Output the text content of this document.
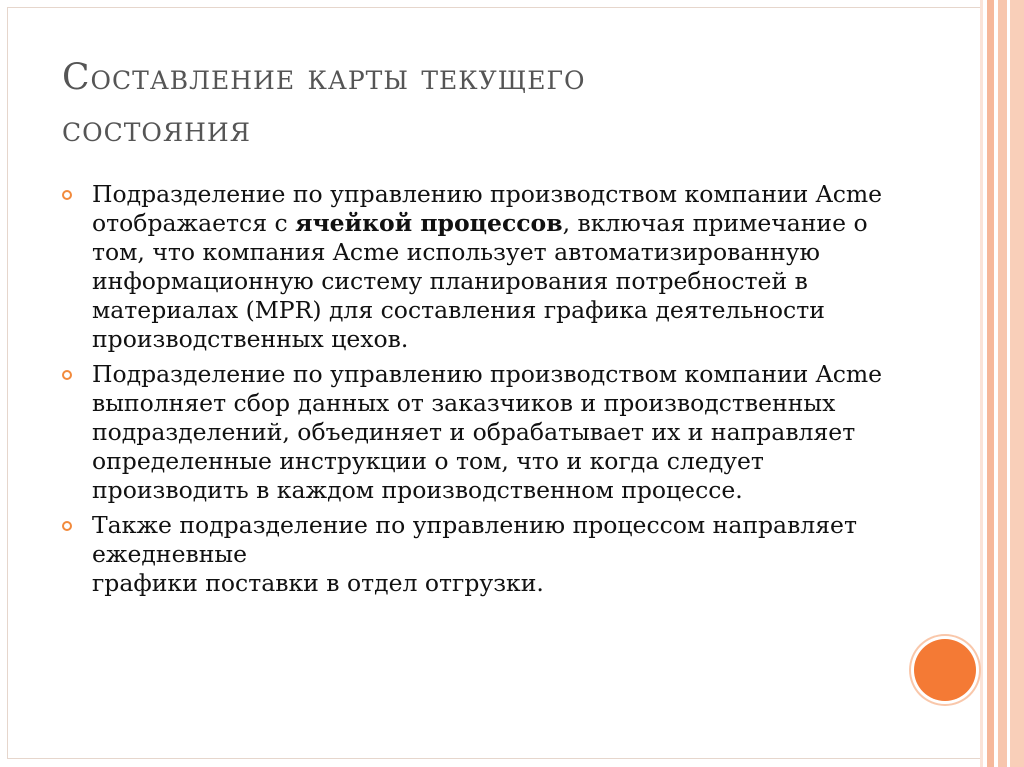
Составление карты текущего
состояния
Подразделение по управлению производством компании Acme отображается с ячейкой процессов, включая примечание о том, что компания Acme использует автоматизированную информационную систему планирования потребностей в материалах (MPR) для составления графика деятельности производственных цехов.
Подразделение по управлению производством компании Acme выполняет сбор данных от заказчиков и производственных подразделений, объединяет и обрабатывает их и направляет определенные инструкции о том, что и когда следует производить в каждом производственном процессе.
Также подразделение по управлению процессом направляет ежедневные
графики поставки в отдел отгрузки.
